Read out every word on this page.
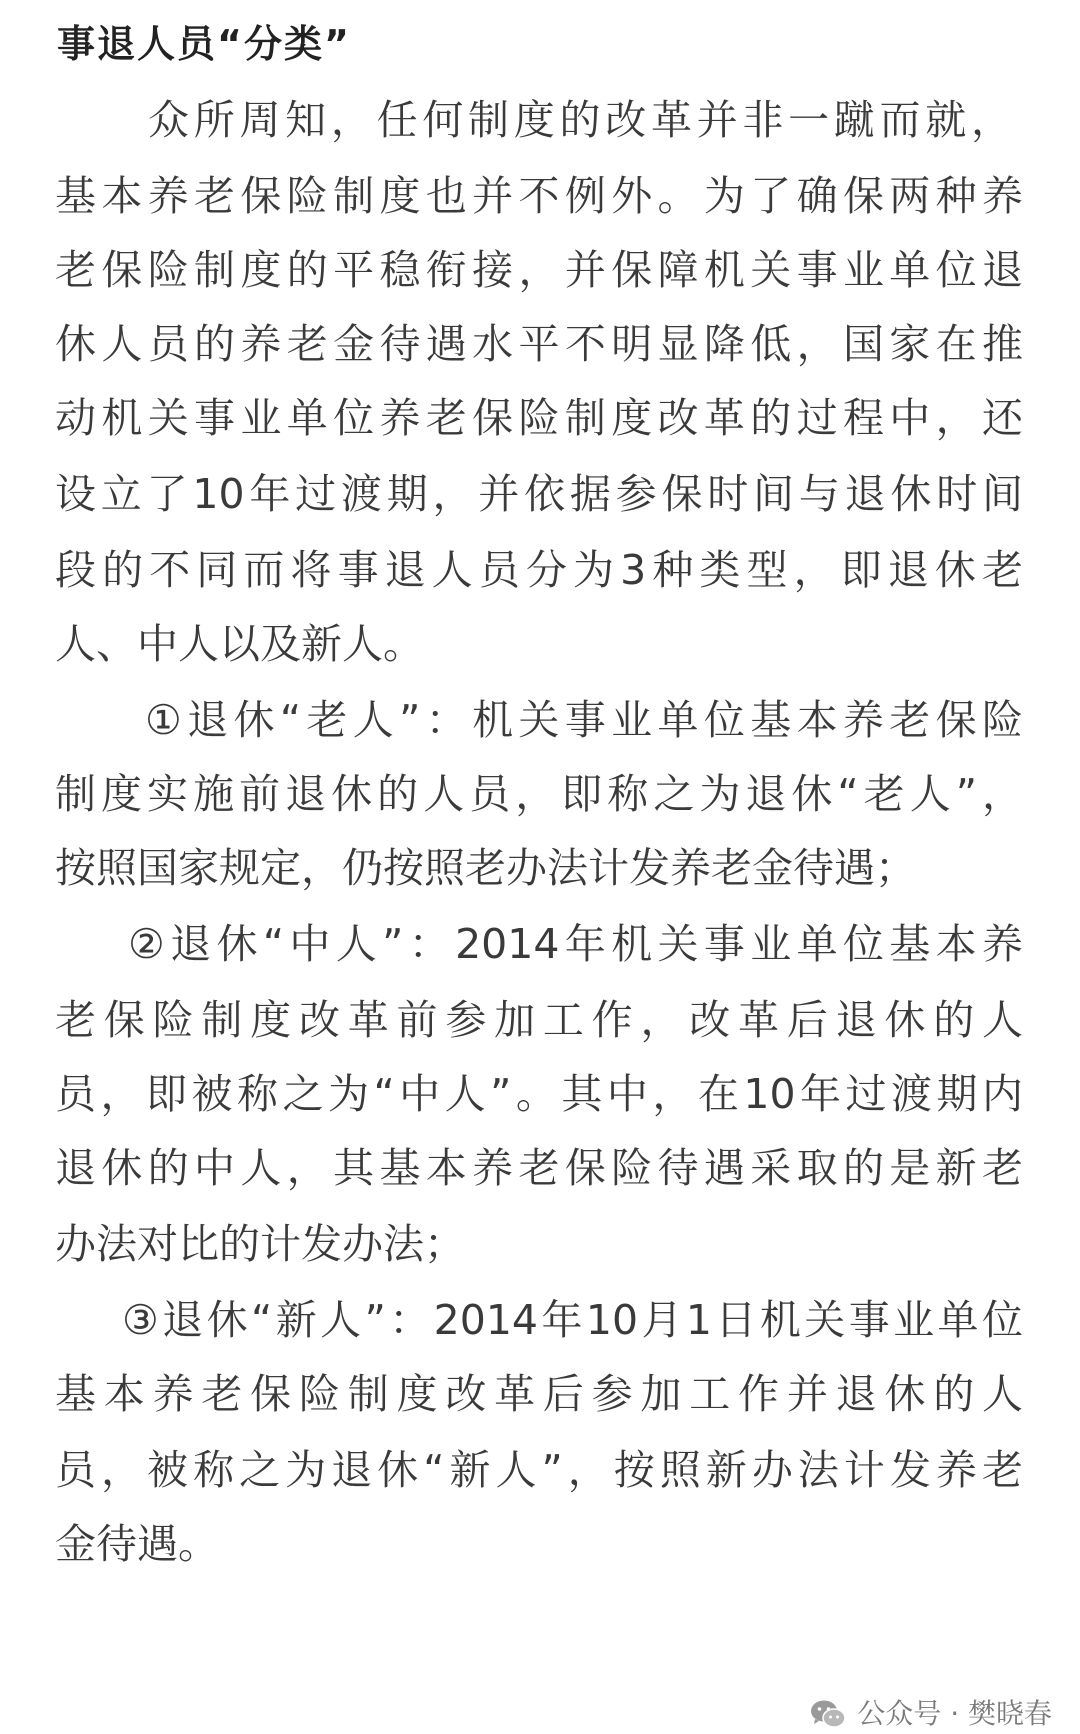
事退人员“分类”
众所周知，任何制度的改革并非一蹴而就，
基本养老保险制度也并不例外。为了确保两种养
老保险制度的平稳衔接，并保障机关事业单位退
休人员的养老金待遇水平不明显降低，国家在推
动机关事业单位养老保险制度改革的过程中，还
设立了10年过渡期，并依据参保时间与退休时间
段的不同而将事退人员分为3种类型，即退休老
人、中人以及新人。
①退休“老人”：机关事业单位基本养老保险
制度实施前退休的人员，即称之为退休“老人”，
按照国家规定，仍按照老办法计发养老金待遇；
②退休“中人”：2014年机关事业单位基本养
老保险制度改革前参加工作，改革后退休的人
员，即被称之为“中人”。其中，在10年过渡期内
退休的中人，其基本养老保险待遇采取的是新老
办法对比的计发办法；
③退休“新人”：2014年10月1日机关事业单位
基本养老保险制度改革后参加工作并退休的人
员，被称之为退休“新人”，按照新办法计发养老
金待遇。
公众号 · 樊晓春
